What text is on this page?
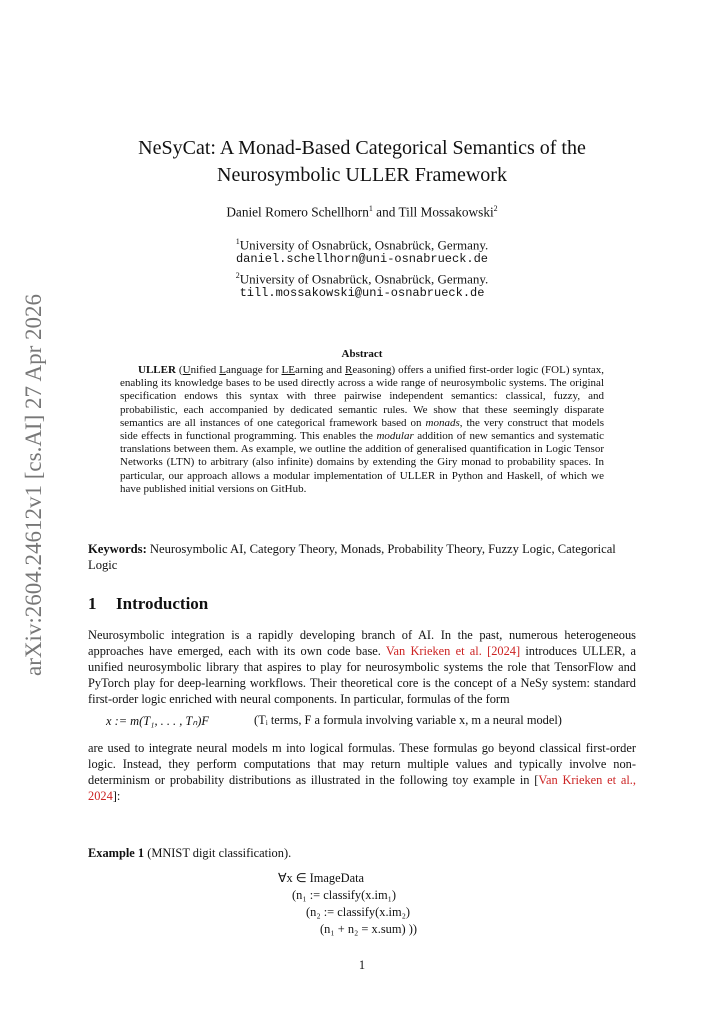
arXiv:2604.24612v1 [cs.AI] 27 Apr 2026
NeSyCat: A Monad-Based Categorical Semantics of the
Neurosymbolic ULLER Framework
Daniel Romero Schellhorn$^1$ and Till Mossakowski$^2$
$^1$University of Osnabrück, Osnabrück, Germany.
daniel.schellhorn@uni-osnabrueck.de
$^2$University of Osnabrück, Osnabrück, Germany.
till.mossakowski@uni-osnabrueck.de
Abstract
ULLER (Unified Language for LEarning and Reasoning) offers a unified first-order logic (FOL) syntax, enabling its knowledge bases to be used directly across a wide range of neurosymbolic systems. The original specification endows this syntax with three pairwise independent semantics: classical, fuzzy, and probabilistic, each accompanied by dedicated semantic rules. We show that these seemingly disparate semantics are all instances of one categorical framework based on monads, the very construct that models side effects in functional programming. This enables the modular addition of new semantics and systematic translations between them. As example, we outline the addition of generalised quantification in Logic Tensor Networks (LTN) to arbitrary (also infinite) domains by extending the Giry monad to probability spaces. In particular, our approach allows a modular implementation of ULLER in Python and Haskell, of which we have published initial versions on GitHub.
Keywords: Neurosymbolic AI, Category Theory, Monads, Probability Theory, Fuzzy Logic, Categorical Logic
1 Introduction
Neurosymbolic integration is a rapidly developing branch of AI. In the past, numerous heterogeneous approaches have emerged, each with its own code base. Van Krieken et al. [2024] introduces ULLER, a unified neurosymbolic library that aspires to play for neurosymbolic systems the role that TensorFlow and PyTorch play for deep-learning workflows. Their theoretical core is the concept of a NeSy system: standard first-order logic enriched with neural components. In particular, formulas of the form
x := m(T₁, . . . , Tₙ)F	(Tᵢ terms, F a formula involving variable x, m a neural model)
are used to integrate neural models m into logical formulas. These formulas go beyond classical first-order logic. Instead, they perform computations that may return multiple values and typically involve non-determinism or probability distributions as illustrated in the following toy example in [Van Krieken et al., 2024]:
Example 1 (MNIST digit classification).
∀x ∈ ImageData
(n₁ := classify(x.im₁)
(n₂ := classify(x.im₂)
(n₁ + n₂ = x.sum) ))
1
